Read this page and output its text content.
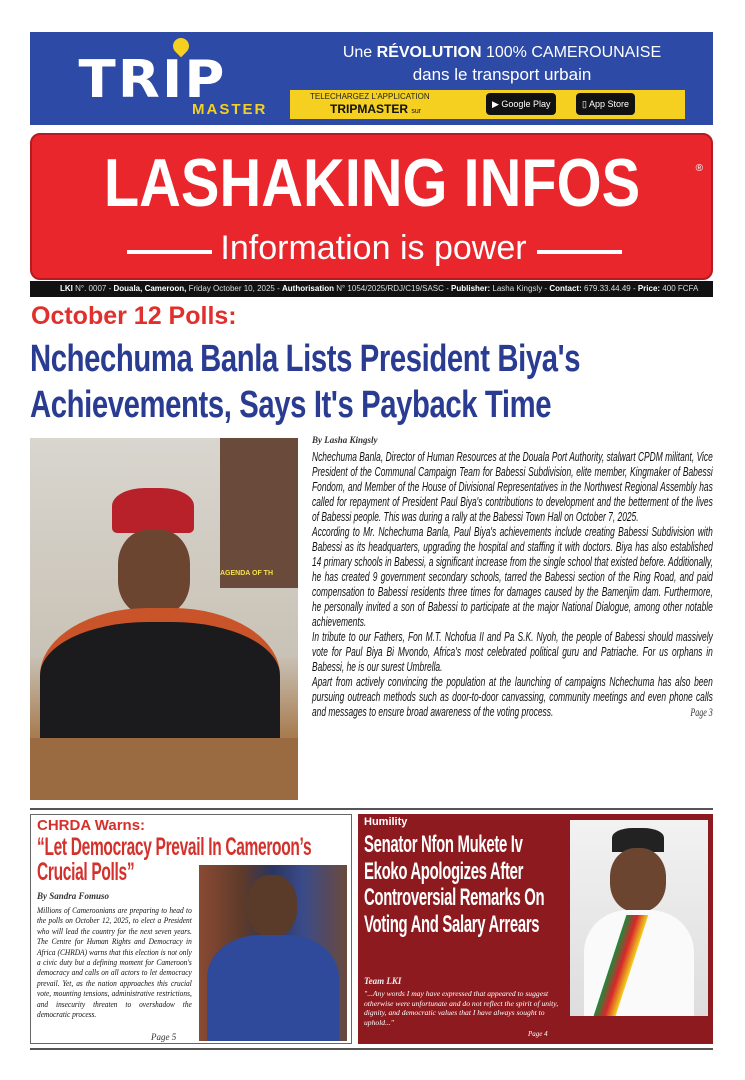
TRIP
MASTER
Une RÉVOLUTION 100% CAMEROUNAISE
dans le transport urbain
TELECHARGEZ L'APPLICATION
TRIPMASTER sur
▶ Google Play	▯ App Store
LASHAKING INFOS	®
Information is power
LKI N°. 0007 - Douala, Cameroon, Friday October 10, 2025 - Authorisation N° 1054/2025/RDJ/C19/SASC - Publisher: Lasha Kingsly - Contact: 679.33.44.49 - Price: 400 FCFA
October 12 Polls:
Nchechuma Banla Lists President Biya's Achievements, Says It's Payback Time
AGENDA OF TH
By Lasha Kingsly

Nchechuma Banla, Director of Human Resources at the Douala Port Authority, stalwart CPDM militant, Vice President of the Communal Campaign Team for Babessi Subdivision, elite member, Kingmaker of Babessi Fondom, and Member of the House of Divisional Representatives in the Northwest Regional Assembly has called for repayment of President Paul Biya's contributions to development and the betterment of the lives of Babessi people. This was during a rally at the Babessi Town Hall on October 7, 2025.

According to Mr. Nchechuma Banla, Paul Biya's achievements include creating Babessi Subdivision with Babessi as its headquarters, upgrading the hospital and staffing it with doctors. Biya has also established 14 primary schools in Babessi, a significant increase from the single school that existed before. Additionally, he has created 9 government secondary schools, tarred the Babessi section of the Ring Road, and paid compensation to Babessi residents three times for damages caused by the Bamenjim dam. Furthermore, he personally invited a son of Babessi to participate at the major National Dialogue, among other notable achievements.

In tribute to our Fathers, Fon M.T. Nchofua II and Pa S.K. Nyoh, the people of Babessi should massively vote for Paul Biya Bi Mvondo, Africa's most celebrated political guru and Patriache. For us orphans in Babessi, he is our surest Umbrella.

Apart from actively convincing the population at the launching of campaigns Nchechuma has also been pursuing outreach methods such as door-to-door canvassing, community meetings and even phone calls and messages to ensure broad awareness of the voting process.	Page 3

CHRDA Warns:
“Let Democracy Prevail In Cameroon’s Crucial Polls”
By Sandra Fomuso
Millions of Cameroonians are preparing to head to the polls on October 12, 2025, to elect a President who will lead the country for the next seven years. The Centre for Human Rights and Democracy in Africa (CHRDA) warns that this election is not only a civic duty but a defining moment for Cameroon's democracy and calls on all actors to let democracy prevail. Yet, as the nation approaches this crucial vote, mounting tensions, administrative restrictions, and insecurity threaten to overshadow the democratic process.
Page 5
Humility
Senator Nfon Mukete Iv Ekoko Apologizes After Controversial Remarks On Voting And Salary Arrears
Team LKI
"...Any words I may have expressed that appeared to suggest otherwise were unfortunate and do not reflect the spirit of unity, dignity, and democratic values that I have always sought to uphold..."
Page 4
